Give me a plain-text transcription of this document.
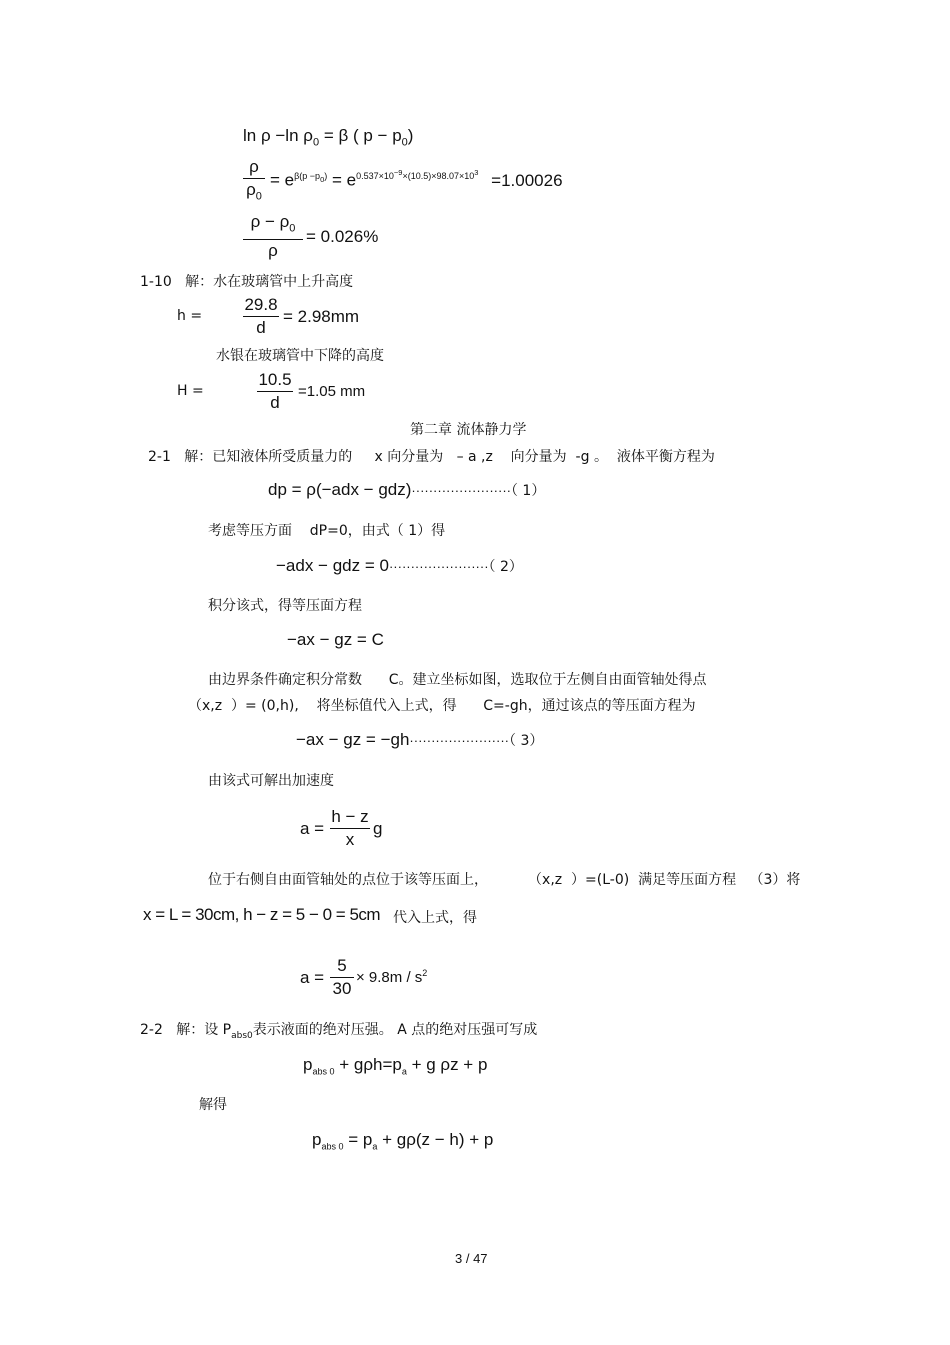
ln ρ −ln $\rho_0 = \beta$ ( $p - p_0$)
ρ
$\rho_0$
= $e^{\beta(p -p_0)} = e^{0.537\times 10^{-9}\times(10.5)\times 98.07\times 10^3} =1.00026$
$\rho - \rho_0$
ρ
= 0.026%
1-10 解：水在玻璃管中上升高度
h =
29.8
d
= 2.98mm
水银在玻璃管中下降的高度
H =
10.5
d
=1.05 mm
第二章 流体静力学
2-1 解：已知液体所受质量力的     x 向分量为   – a ,z    向分量为  -g 。  液体平衡方程为
dp = ρ(−adx − gdz)·······················（ 1）
考虑等压方面    dP=0，由式（ 1）得
−adx − gdz = 0·······················（ 2）
积分该式，得等压面方程
−ax − gz = C
由边界条件确定积分常数      C。建立坐标如图，选取位于左侧自由面管轴处得点
（x,z  ）= (0,h),    将坐标值代入上式，得      C=-gh，通过该点的等压面方程为
−ax − gz = −gh·······················（ 3）
由该式可解出加速度
a =
h − z
x
g
位于右侧自由面管轴处的点位于该等压面上，         （x,z  ）=(L-0)  满足等压面方程   （3）将
x = L = 30cm, h − z = 5 − 0 = 5cm 代入上式，得
a =
5
30
× $9.8m / s^2$
2-2 解：设 $P_{abs0}$表示液面的绝对压强。 A 点的绝对压强可写成
$p_{abs 0} + g\rho h=p_a + g$ ρz + p
解得
$p_{abs 0} = p_a + g\rho(z - h) + p$
3 / 47
